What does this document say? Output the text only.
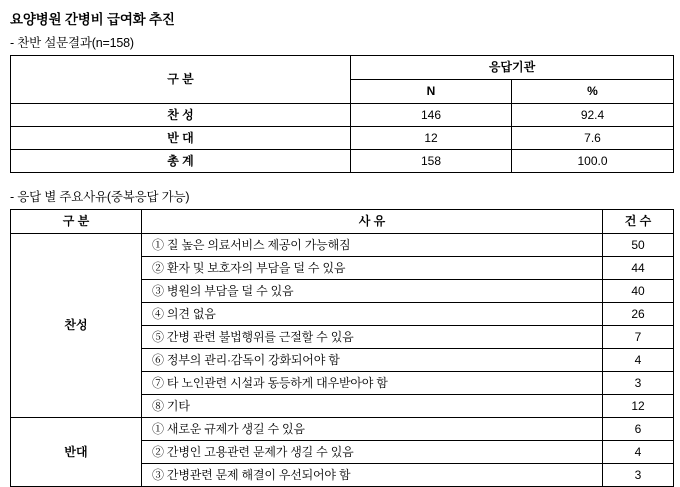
요양병원 간병비 급여화 추진
- 찬반 설문결과(n=158)
구 분	응답기관	
	N	%
찬 성	146	92.4
반 대	12	7.6
총 계	158	100.0
- 응답 별 주요사유(중복응답 가능)
구 분	사 유	건 수
찬성	① 질 높은 의료서비스 제공이 가능해짐	50
	② 환자 및 보호자의 부담을 덜 수 있음	44
	③ 병원의 부담을 덜 수 있음	40
	④ 의견 없음	26
	⑤ 간병 관련 불법행위를 근절할 수 있음	7
	⑥ 정부의 관리·감독이 강화되어야 함	4
	⑦ 타 노인관련 시설과 동등하게 대우받아야 함	3
	⑧ 기타	12
반대	① 새로운 규제가 생길 수 있음	6
	② 간병인 고용관련 문제가 생길 수 있음	4
	③ 간병관련 문제 해결이 우선되어야 함	3
